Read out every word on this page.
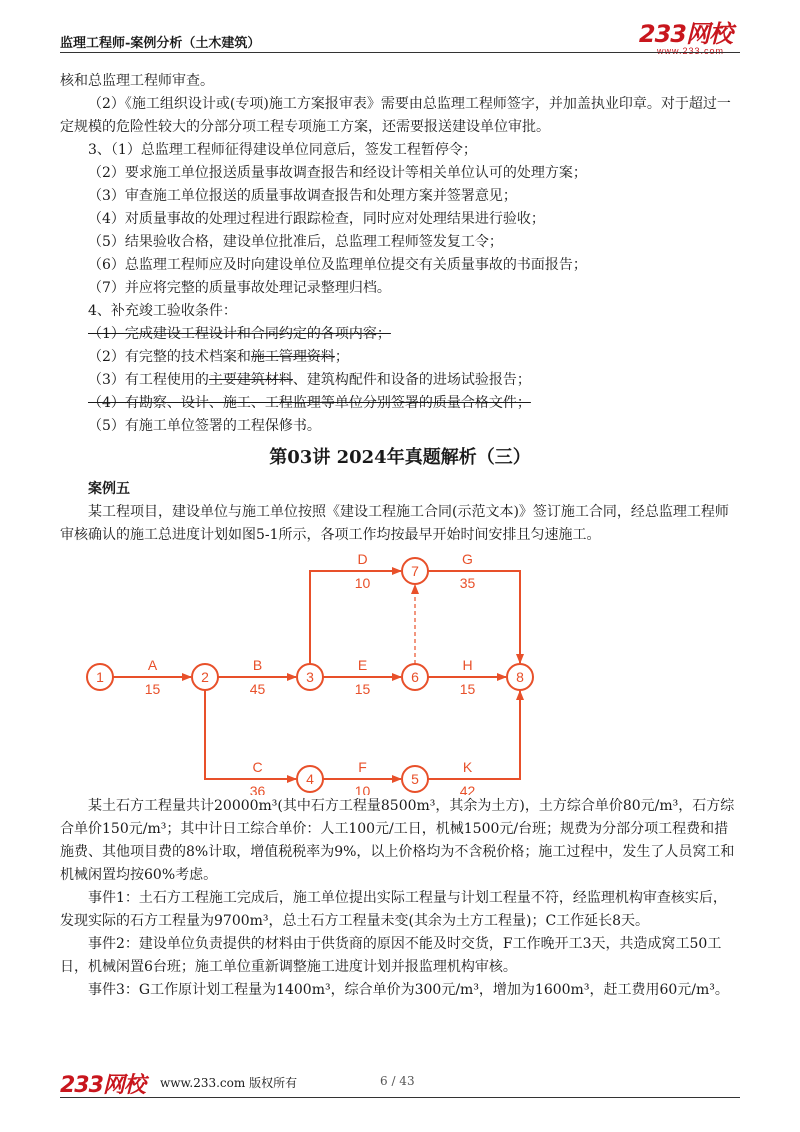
监理工程师-案例分析（土木建筑）	233网校
www.233.com

核和总监理工程师审查。

（2）《施工组织设计或(专项)施工方案报审表》需要由总监理工程师签字，并加盖执业印章。对于超过一定规模的危险性较大的分部分项工程专项施工方案，还需要报送建设单位审批。

3、（1）总监理工程师征得建设单位同意后，签发工程暂停令；

（2）要求施工单位报送质量事故调查报告和经设计等相关单位认可的处理方案；

（3）审查施工单位报送的质量事故调查报告和处理方案并签署意见；

（4）对质量事故的处理过程进行跟踪检查，同时应对处理结果进行验收；

（5）结果验收合格，建设单位批准后，总监理工程师签发复工令；

（6）总监理工程师应及时向建设单位及监理单位提交有关质量事故的书面报告；

（7）并应将完整的质量事故处理记录整理归档。

4、补充竣工验收条件：

（1）完成建设工程设计和合同约定的各项内容；

（2）有完整的技术档案和施工管理资料；

（3）有工程使用的主要建筑材料、建筑构配件和设备的进场试验报告；

（4）有勘察、设计、施工、工程监理等单位分别签署的质量合格文件；

（5）有施工单位签署的工程保修书。

第03讲 2024年真题解析（三）

案例五

某工程项目，建设单位与施工单位按照《建设工程施工合同(示范文本)》签订施工合同，经总监理工程师审核确认的施工总进度计划如图5-1所示，各项工作均按最早开始时间安排且匀速施工。

1	2	3
4	5
6
7
8
A
15
B
45
C
36
D
10
E
15
F
10
G
35
H
15
K
42

某土石方工程量共计20000m³(其中石方工程量8500m³，其余为土方)，土方综合单价80元/m³，石方综合单价150元/m³；其中计日工综合单价：人工100元/工日，机械1500元/台班；规费为分部分项工程费和措施费、其他项目费的8%计取，增值税税率为9%，以上价格均为不含税价格；施工过程中，发生了人员窝工和机械闲置均按60%考虑。

事件1：土石方工程施工完成后，施工单位提出实际工程量与计划工程量不符，经监理机构审查核实后，发现实际的石方工程量为9700m³，总土石方工程量未变(其余为土方工程量)；C工作延长8天。

事件2：建设单位负责提供的材料由于供货商的原因不能及时交货，F工作晚开工3天，共造成窝工50工日，机械闲置6台班；施工单位重新调整施工进度计划并报监理机构审核。

事件3：G工作原计划工程量为1400m³，综合单价为300元/m³，增加为1600m³，赶工费用60元/m³。

233网校 www.233.com 版权所有	6 / 43
